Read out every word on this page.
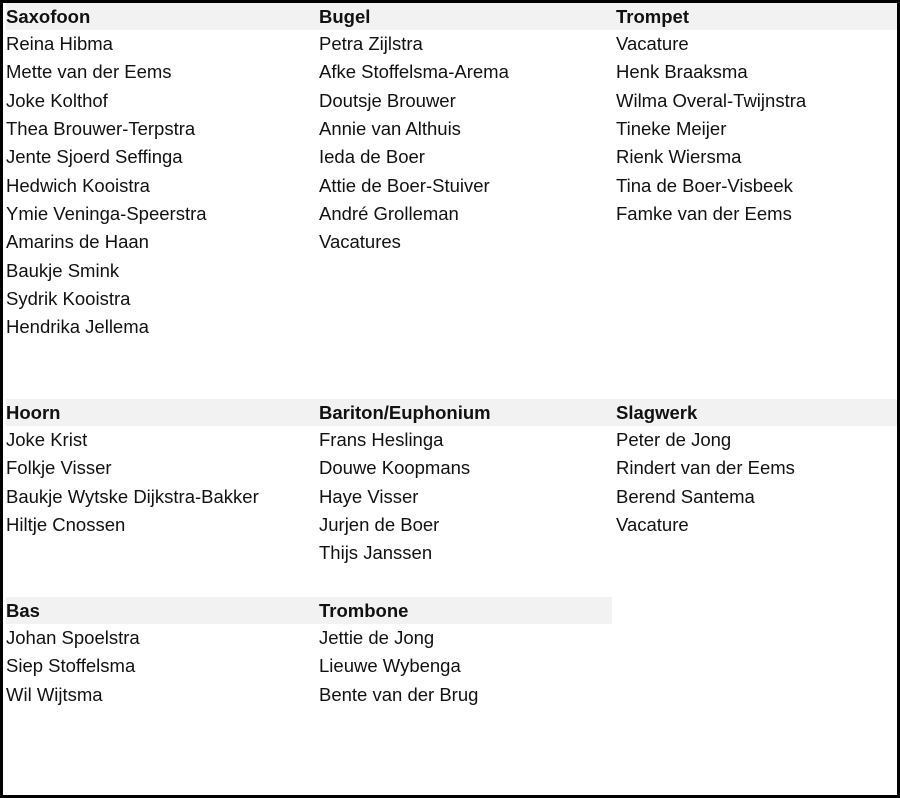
Saxofoon
Reina Hibma
Mette van der Eems
Joke Kolthof
Thea Brouwer-Terpstra
Jente Sjoerd Seffinga
Hedwich Kooistra
Ymie Veninga-Speerstra
Amarins de Haan
Baukje Smink
Sydrik Kooistra
Hendrika Jellema
Bugel
Petra Zijlstra
Afke Stoffelsma-Arema
Doutsje Brouwer
Annie van Althuis
Ieda de Boer
Attie de Boer-Stuiver
André Grolleman
Vacatures
Trompet
Vacature
Henk Braaksma
Wilma Overal-Twijnstra
Tineke Meijer
Rienk Wiersma
Tina de Boer-Visbeek
Famke van der Eems
Hoorn
Joke Krist
Folkje Visser
Baukje Wytske Dijkstra-Bakker
Hiltje Cnossen
Bariton/Euphonium
Frans Heslinga
Douwe Koopmans
Haye Visser
Jurjen de Boer
Thijs Janssen
Slagwerk
Peter de Jong
Rindert van der Eems
Berend Santema
Vacature
Bas
Johan Spoelstra
Siep Stoffelsma
Wil Wijtsma
Trombone
Jettie de Jong
Lieuwe Wybenga
Bente van der Brug
